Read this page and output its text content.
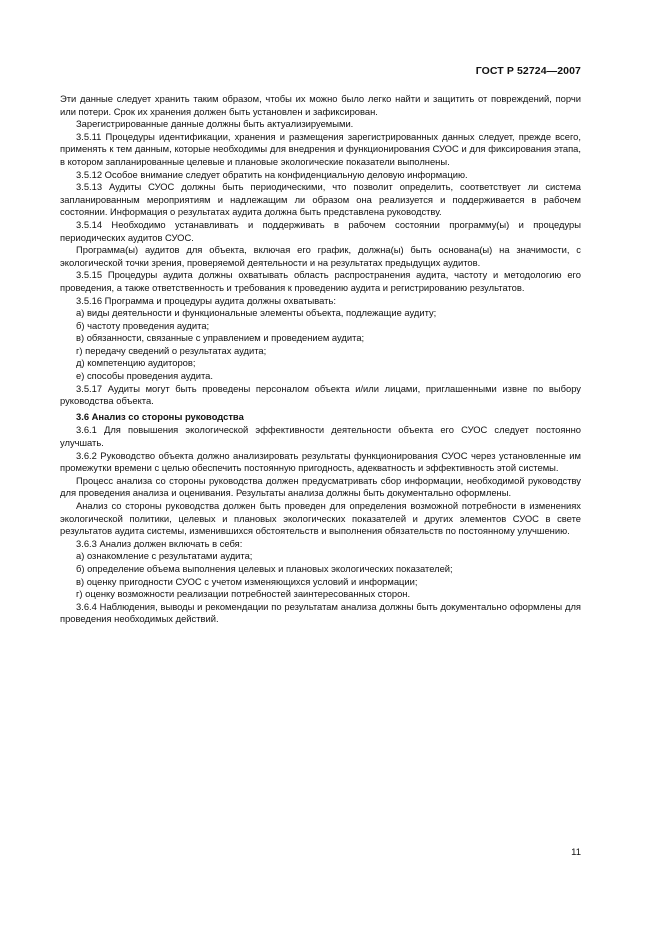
ГОСТ Р 52724—2007

Эти данные следует хранить таким образом, чтобы их можно было легко найти и защитить от повреждений, порчи или потери. Срок их хранения должен быть установлен и зафиксирован.

Зарегистрированные данные должны быть актуализируемыми.

3.5.11 Процедуры идентификации, хранения и размещения зарегистрированных данных следует, прежде всего, применять к тем данным, которые необходимы для внедрения и функционирования СУОС и для фиксирования этапа, в котором запланированные целевые и плановые экологические показатели выполнены.

3.5.12 Особое внимание следует обратить на конфиденциальную деловую информацию.

3.5.13 Аудиты СУОС должны быть периодическими, что позволит определить, соответствует ли система запланированным мероприятиям и надлежащим ли образом она реализуется и поддерживается в рабочем состоянии. Информация о результатах аудита должна быть представлена руководству.

3.5.14 Необходимо устанавливать и поддерживать в рабочем состоянии программу(ы) и процедуры периодических аудитов СУОС.

Программа(ы) аудитов для объекта, включая его график, должна(ы) быть основана(ы) на значимости, с экологической точки зрения, проверяемой деятельности и на результатах предыдущих аудитов.

3.5.15 Процедуры аудита должны охватывать область распространения аудита, частоту и методологию его проведения, а также ответственность и требования к проведению аудита и регистрированию результатов.

3.5.16 Программа и процедуры аудита должны охватывать:

а) виды деятельности и функциональные элементы объекта, подлежащие аудиту;

б) частоту проведения аудита;

в) обязанности, связанные с управлением и проведением аудита;

г) передачу сведений о результатах аудита;

д) компетенцию аудиторов;

е) способы проведения аудита.

3.5.17 Аудиты могут быть проведены персоналом объекта и/или лицами, приглашенными извне по выбору руководства объекта.

3.6 Анализ со стороны руководства

3.6.1 Для повышения экологической эффективности деятельности объекта его СУОС следует постоянно улучшать.

3.6.2 Руководство объекта должно анализировать результаты функционирования СУОС через установленные им промежутки времени с целью обеспечить постоянную пригодность, адекватность и эффективность этой системы.

Процесс анализа со стороны руководства должен предусматривать сбор информации, необходимой руководству для проведения анализа и оценивания. Результаты анализа должны быть документально оформлены.

Анализ со стороны руководства должен быть проведен для определения возможной потребности в изменениях экологической политики, целевых и плановых экологических показателей и других элементов СУОС в свете результатов аудита системы, изменившихся обстоятельств и выполнения обязательств по постоянному улучшению.

3.6.3 Анализ должен включать в себя:

а) ознакомление с результатами аудита;

б) определение объема выполнения целевых и плановых экологических показателей;

в) оценку пригодности СУОС с учетом изменяющихся условий и информации;

г) оценку возможности реализации потребностей заинтересованных сторон.

3.6.4 Наблюдения, выводы и рекомендации по результатам анализа должны быть документально оформлены для проведения необходимых действий.

11
